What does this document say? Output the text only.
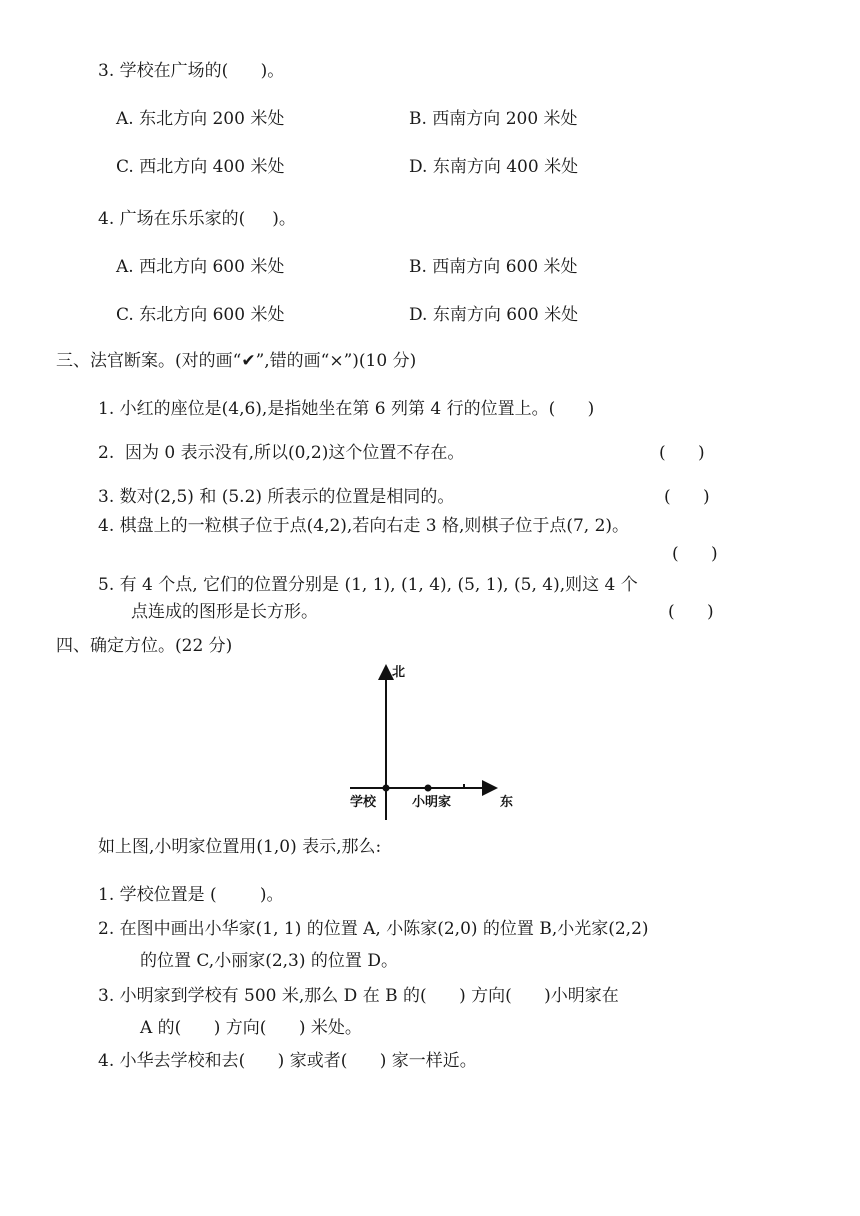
3. 学校在广场的(      )。
A. 东北方向 200 米处	B. 西南方向 200 米处
C. 西北方向 400 米处	D. 东南方向 400 米处
4. 广场在乐乐家的(     )。
A. 西北方向 600 米处	B. 西南方向 600 米处
C. 东北方向 600 米处	D. 东南方向 600 米处
三、法官断案。(对的画“✔”,错的画“×”)(10 分)
1. 小红的座位是(4,6),是指她坐在第 6 列第 4 行的位置上。(      )
2.  因为 0 表示没有,所以(0,2)这个位置不存在。	(      )
3. 数对(2,5) 和 (5.2) 所表示的位置是相同的。	(      )
4. 棋盘上的一粒棋子位于点(4,2),若向右走 3 格,则棋子位于点(7, 2)。
(      )
5. 有 4 个点, 它们的位置分别是 (1, 1), (1, 4), (5, 1), (5, 4),则这 4 个
点连成的图形是长方形。	(      )
四、确定方位。(22 分)
北
东
学校	小明家
如上图,小明家位置用(1,0) 表示,那么:
1. 学校位置是 (        )。
2. 在图中画出小华家(1, 1) 的位置 A, 小陈家(2,0) 的位置 B,小光家(2,2)
的位置 C,小丽家(2,3) 的位置 D。
3. 小明家到学校有 500 米,那么 D 在 B 的(      ) 方向(      )小明家在
A 的(      ) 方向(      ) 米处。
4. 小华去学校和去(      ) 家或者(      ) 家一样近。
